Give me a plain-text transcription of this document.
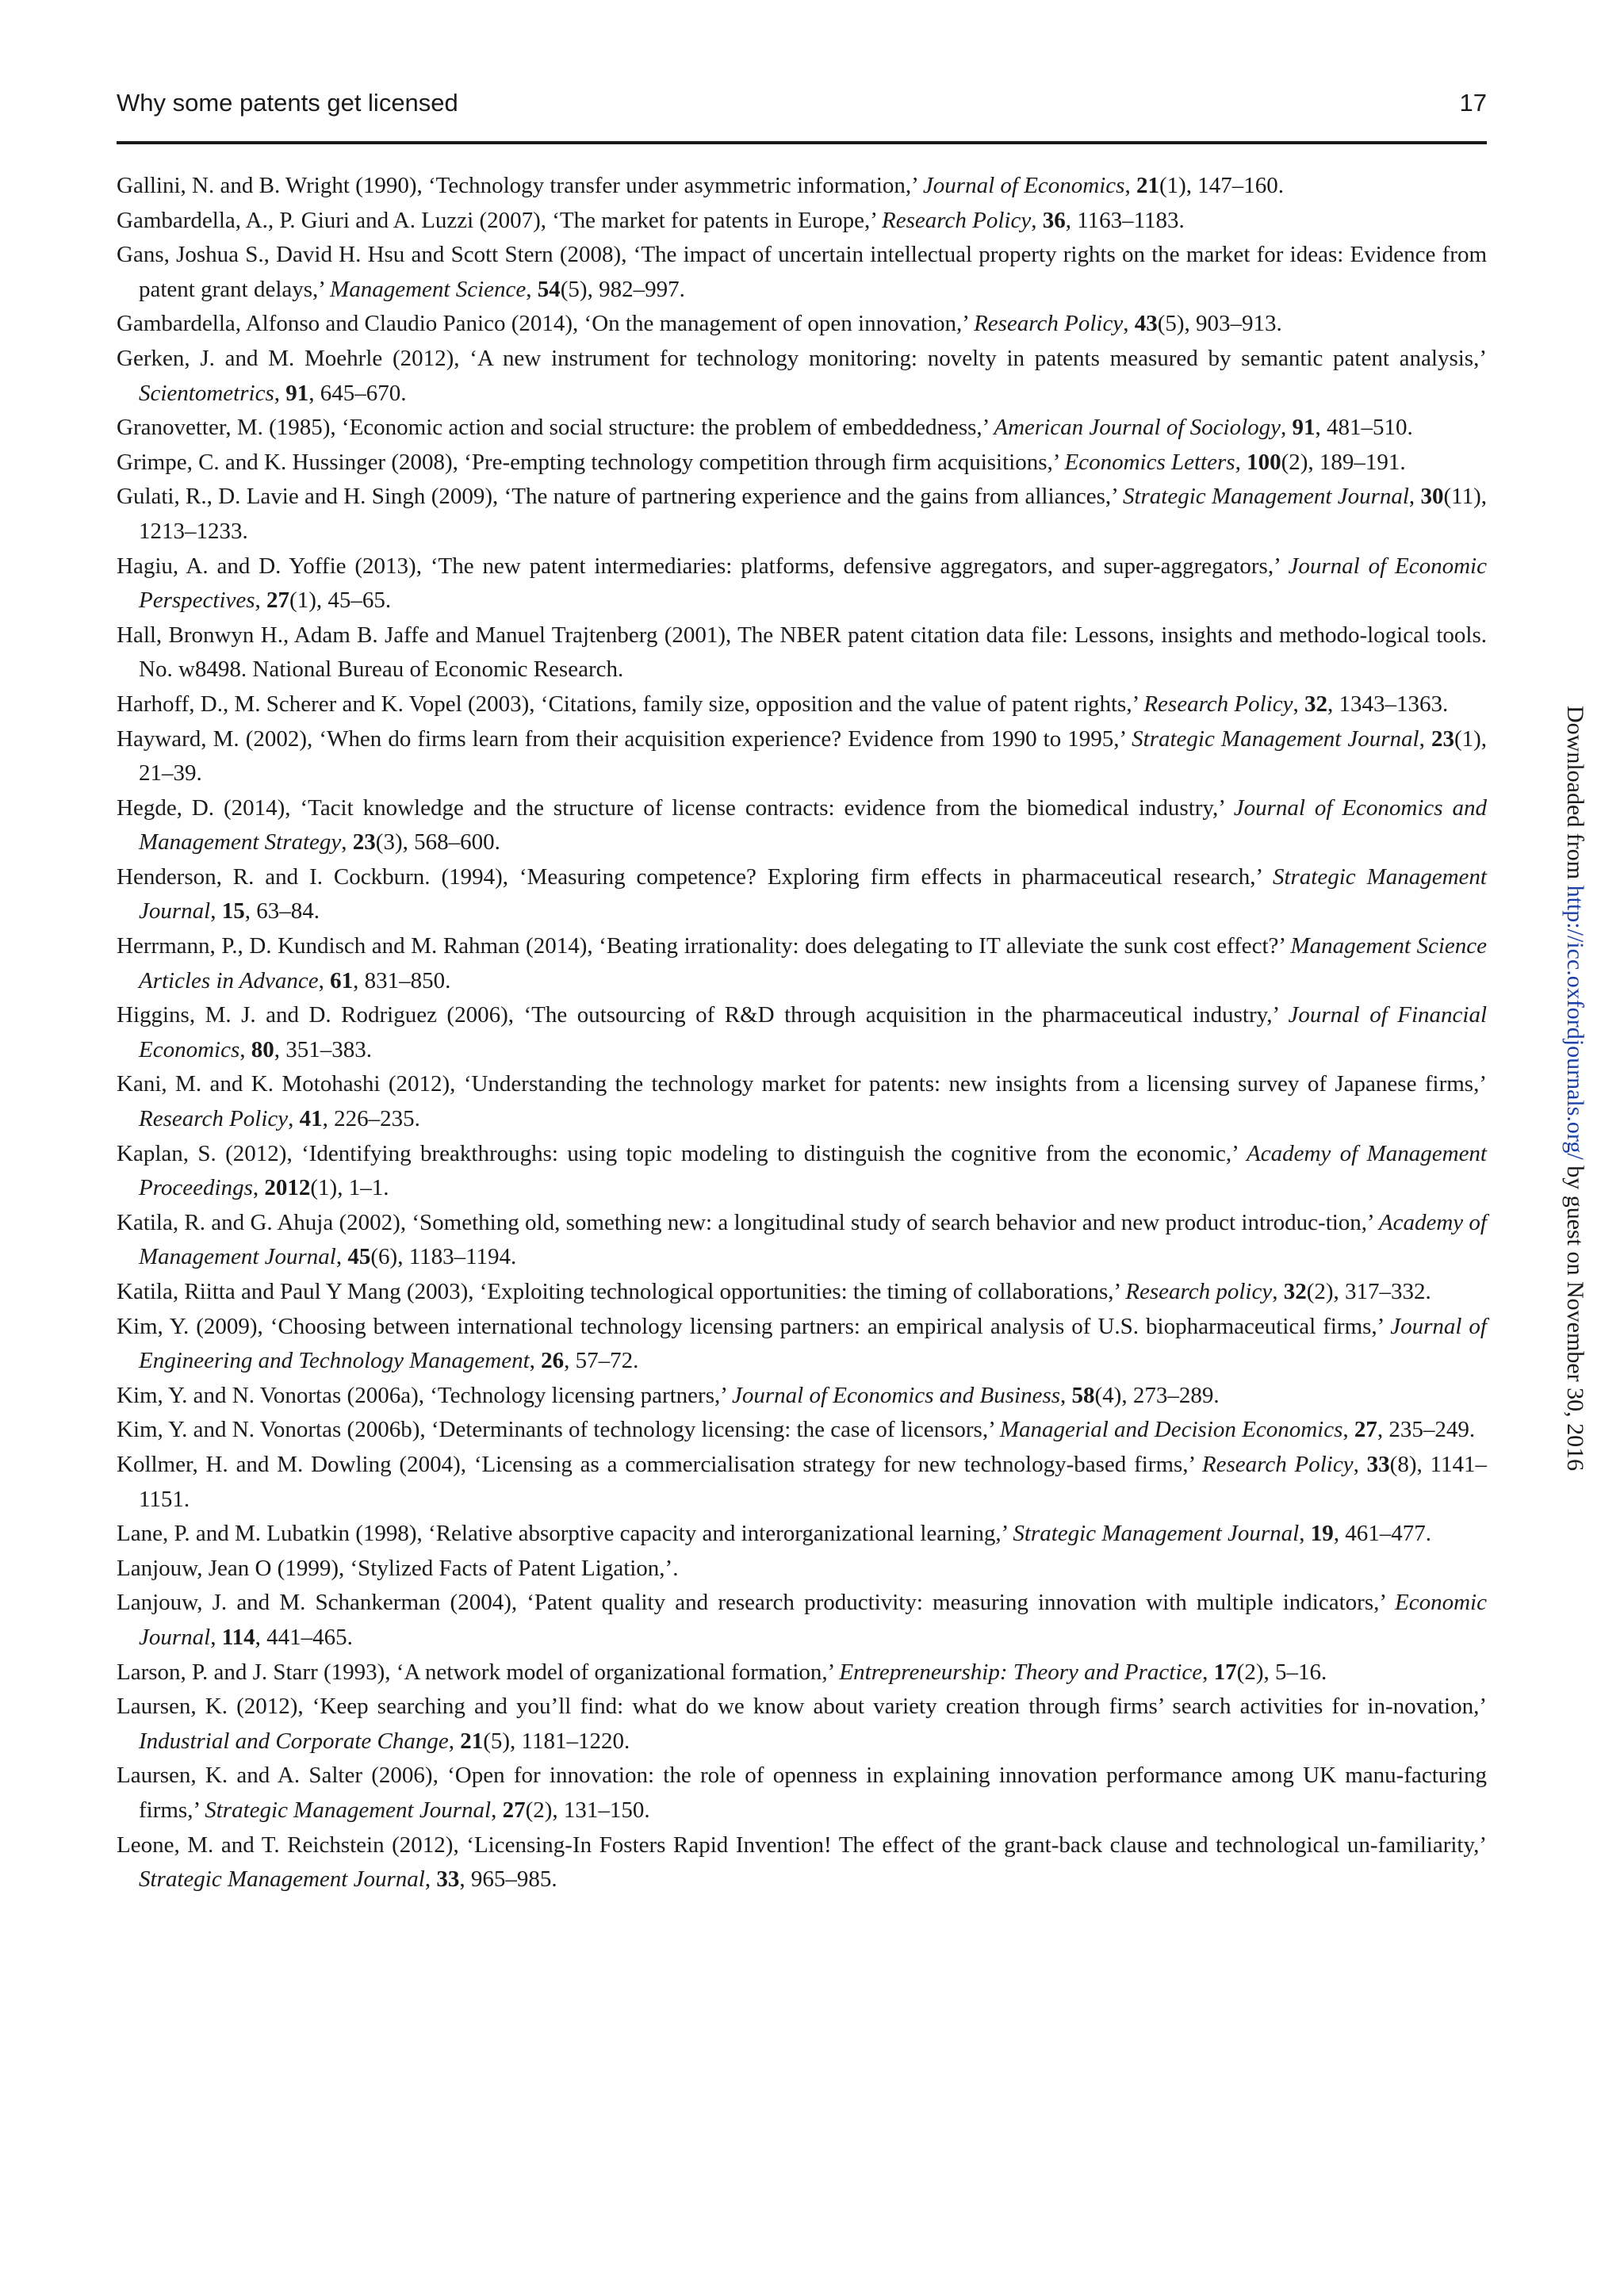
Why some patents get licensed	17
Gallini, N. and B. Wright (1990), ‘Technology transfer under asymmetric information,’ Journal of Economics, 21(1), 147–160.
Gambardella, A., P. Giuri and A. Luzzi (2007), ‘The market for patents in Europe,’ Research Policy, 36, 1163–1183.
Gans, Joshua S., David H. Hsu and Scott Stern (2008), ‘The impact of uncertain intellectual property rights on the market for ideas: Evidence from patent grant delays,’ Management Science, 54(5), 982–997.
Gambardella, Alfonso and Claudio Panico (2014), ‘On the management of open innovation,’ Research Policy, 43(5), 903–913.
Gerken, J. and M. Moehrle (2012), ‘A new instrument for technology monitoring: novelty in patents measured by semantic patent analysis,’ Scientometrics, 91, 645–670.
Granovetter, M. (1985), ‘Economic action and social structure: the problem of embeddedness,’ American Journal of Sociology, 91, 481–510.
Grimpe, C. and K. Hussinger (2008), ‘Pre-empting technology competition through firm acquisitions,’ Economics Letters, 100(2), 189–191.
Gulati, R., D. Lavie and H. Singh (2009), ‘The nature of partnering experience and the gains from alliances,’ Strategic Management Journal, 30(11), 1213–1233.
Hagiu, A. and D. Yoffie (2013), ‘The new patent intermediaries: platforms, defensive aggregators, and super-aggregators,’ Journal of Economic Perspectives, 27(1), 45–65.
Hall, Bronwyn H., Adam B. Jaffe and Manuel Trajtenberg (2001), The NBER patent citation data file: Lessons, insights and methodo-logical tools. No. w8498. National Bureau of Economic Research.
Harhoff, D., M. Scherer and K. Vopel (2003), ‘Citations, family size, opposition and the value of patent rights,’ Research Policy, 32, 1343–1363.
Hayward, M. (2002), ‘When do firms learn from their acquisition experience? Evidence from 1990 to 1995,’ Strategic Management Journal, 23(1), 21–39.
Hegde, D. (2014), ‘Tacit knowledge and the structure of license contracts: evidence from the biomedical industry,’ Journal of Economics and Management Strategy, 23(3), 568–600.
Henderson, R. and I. Cockburn. (1994), ‘Measuring competence? Exploring firm effects in pharmaceutical research,’ Strategic Management Journal, 15, 63–84.
Herrmann, P., D. Kundisch and M. Rahman (2014), ‘Beating irrationality: does delegating to IT alleviate the sunk cost effect?’ Management Science Articles in Advance, 61, 831–850.
Higgins, M. J. and D. Rodriguez (2006), ‘The outsourcing of R&D through acquisition in the pharmaceutical industry,’ Journal of Financial Economics, 80, 351–383.
Kani, M. and K. Motohashi (2012), ‘Understanding the technology market for patents: new insights from a licensing survey of Japanese firms,’ Research Policy, 41, 226–235.
Kaplan, S. (2012), ‘Identifying breakthroughs: using topic modeling to distinguish the cognitive from the economic,’ Academy of Management Proceedings, 2012(1), 1–1.
Katila, R. and G. Ahuja (2002), ‘Something old, something new: a longitudinal study of search behavior and new product introduc-tion,’ Academy of Management Journal, 45(6), 1183–1194.
Katila, Riitta and Paul Y Mang (2003), ‘Exploiting technological opportunities: the timing of collaborations,’ Research policy, 32(2), 317–332.
Kim, Y. (2009), ‘Choosing between international technology licensing partners: an empirical analysis of U.S. biopharmaceutical firms,’ Journal of Engineering and Technology Management, 26, 57–72.
Kim, Y. and N. Vonortas (2006a), ‘Technology licensing partners,’ Journal of Economics and Business, 58(4), 273–289.
Kim, Y. and N. Vonortas (2006b), ‘Determinants of technology licensing: the case of licensors,’ Managerial and Decision Economics, 27, 235–249.
Kollmer, H. and M. Dowling (2004), ‘Licensing as a commercialisation strategy for new technology-based firms,’ Research Policy, 33(8), 1141–1151.
Lane, P. and M. Lubatkin (1998), ‘Relative absorptive capacity and interorganizational learning,’ Strategic Management Journal, 19, 461–477.
Lanjouw, Jean O (1999), ‘Stylized Facts of Patent Ligation,’.
Lanjouw, J. and M. Schankerman (2004), ‘Patent quality and research productivity: measuring innovation with multiple indicators,’ Economic Journal, 114, 441–465.
Larson, P. and J. Starr (1993), ‘A network model of organizational formation,’ Entrepreneurship: Theory and Practice, 17(2), 5–16.
Laursen, K. (2012), ‘Keep searching and you’ll find: what do we know about variety creation through firms’ search activities for in-novation,’ Industrial and Corporate Change, 21(5), 1181–1220.
Laursen, K. and A. Salter (2006), ‘Open for innovation: the role of openness in explaining innovation performance among UK manu-facturing firms,’ Strategic Management Journal, 27(2), 131–150.
Leone, M. and T. Reichstein (2012), ‘Licensing-In Fosters Rapid Invention! The effect of the grant-back clause and technological un-familiarity,’ Strategic Management Journal, 33, 965–985.
Downloaded from http://icc.oxfordjournals.org/ by guest on November 30, 2016
